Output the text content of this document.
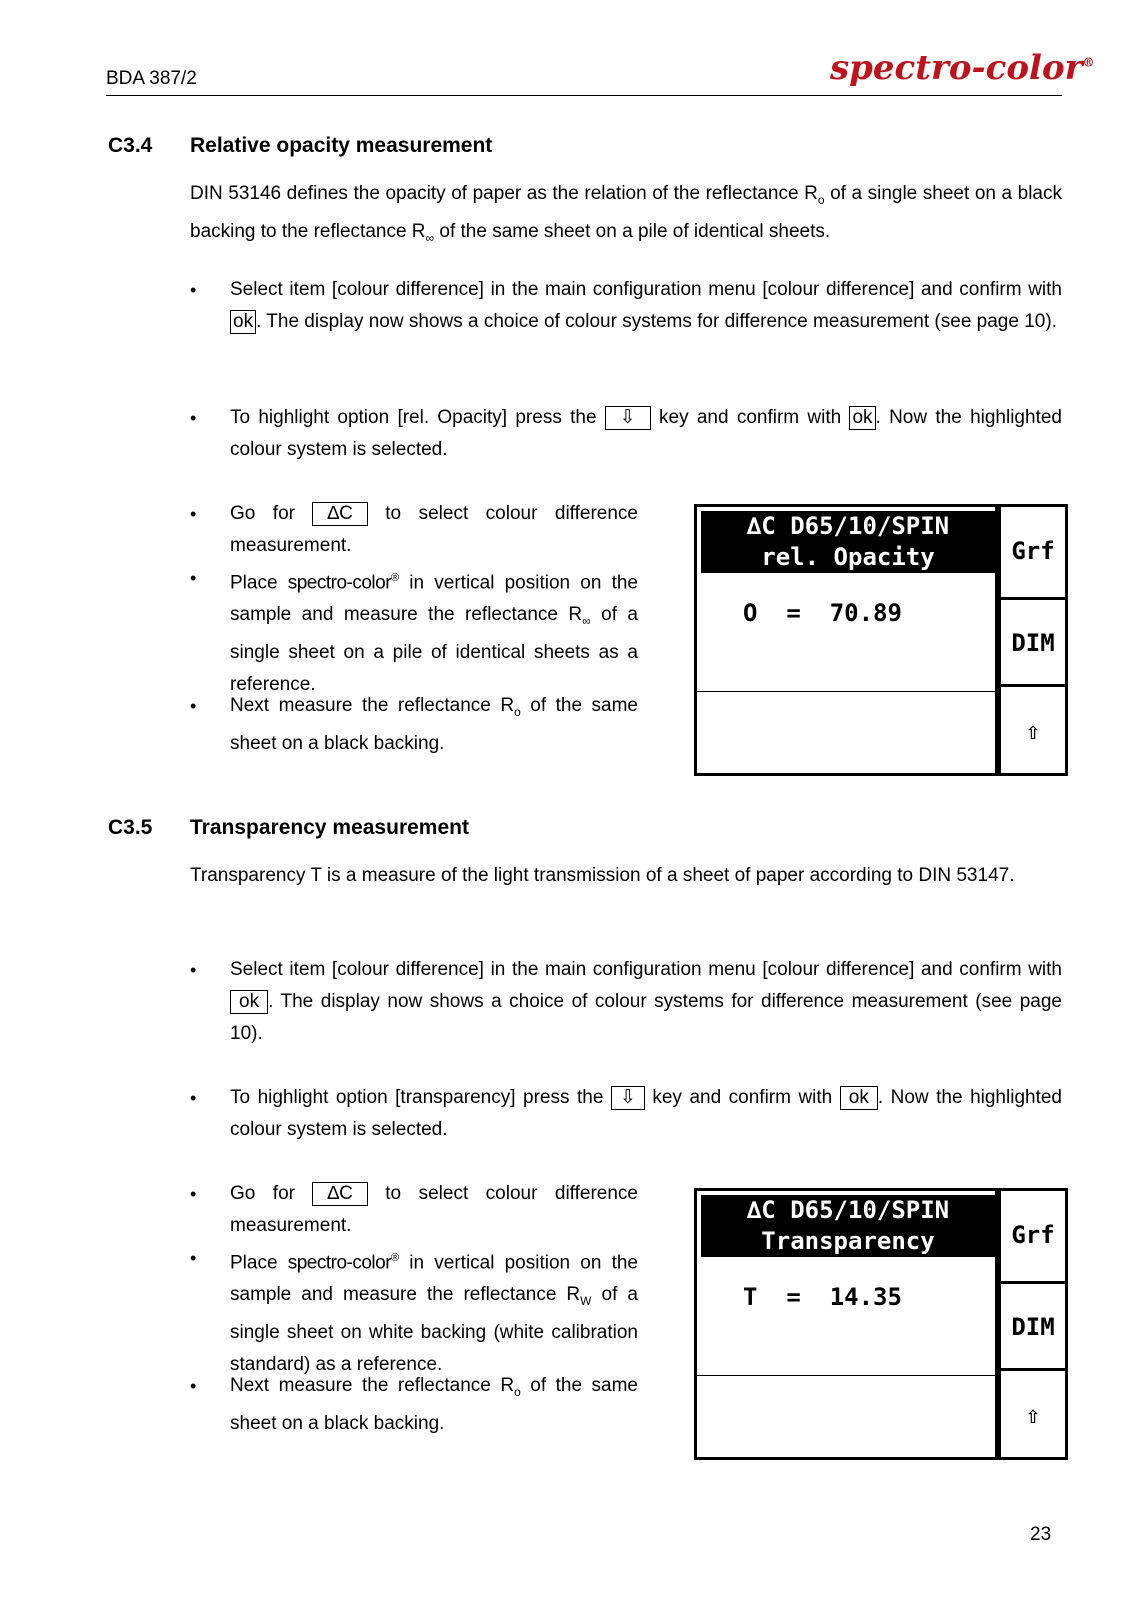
BDA 387/2	spectro-color®
C3.4 Relative opacity measurement
DIN 53146 defines the opacity of paper as the relation of the reflectance $R_o$ of a single sheet on a black backing to the reflectance $R_\infty$ of the same sheet on a pile of identical sheets.
• Select item [colour difference] in the main configuration menu [colour difference] and confirm with ok . The display now shows a choice of colour systems for difference measurement (see page 10).
• To highlight option [rel. Opacity] press the ⇩ key and confirm with ok . Now the highlighted colour system is selected.
• Go for ∆C to select colour difference measurement.
• Place spectro-color® in vertical position on the sample and measure the reflectance $R_\infty$ of a single sheet on a pile of identical sheets as a reference.
• Next measure the reflectance $R_o$ of the same sheet on a black backing.
∆C D65/10/SPIN
rel. Opacity
O  =  70.89
Grf
DIM
⇧
C3.5 Transparency measurement
Transparency T is a measure of the light transmission of a sheet of paper according to DIN 53147.
• Select item [colour difference] in the main configuration menu [colour difference] and confirm with ok . The display now shows a choice of colour systems for difference measurement (see page 10).
• To highlight option [transparency] press the ⇩ key and confirm with ok . Now the highlighted colour system is selected.
• Go for ∆C to select colour difference measurement.
• Place spectro-color® in vertical position on the sample and measure the reflectance $R_W$ of a single sheet on white backing (white calibration standard) as a reference.
• Next measure the reflectance $R_o$ of the same sheet on a black backing.
∆C D65/10/SPIN
Transparency
T  =  14.35
Grf
DIM
⇧
23
